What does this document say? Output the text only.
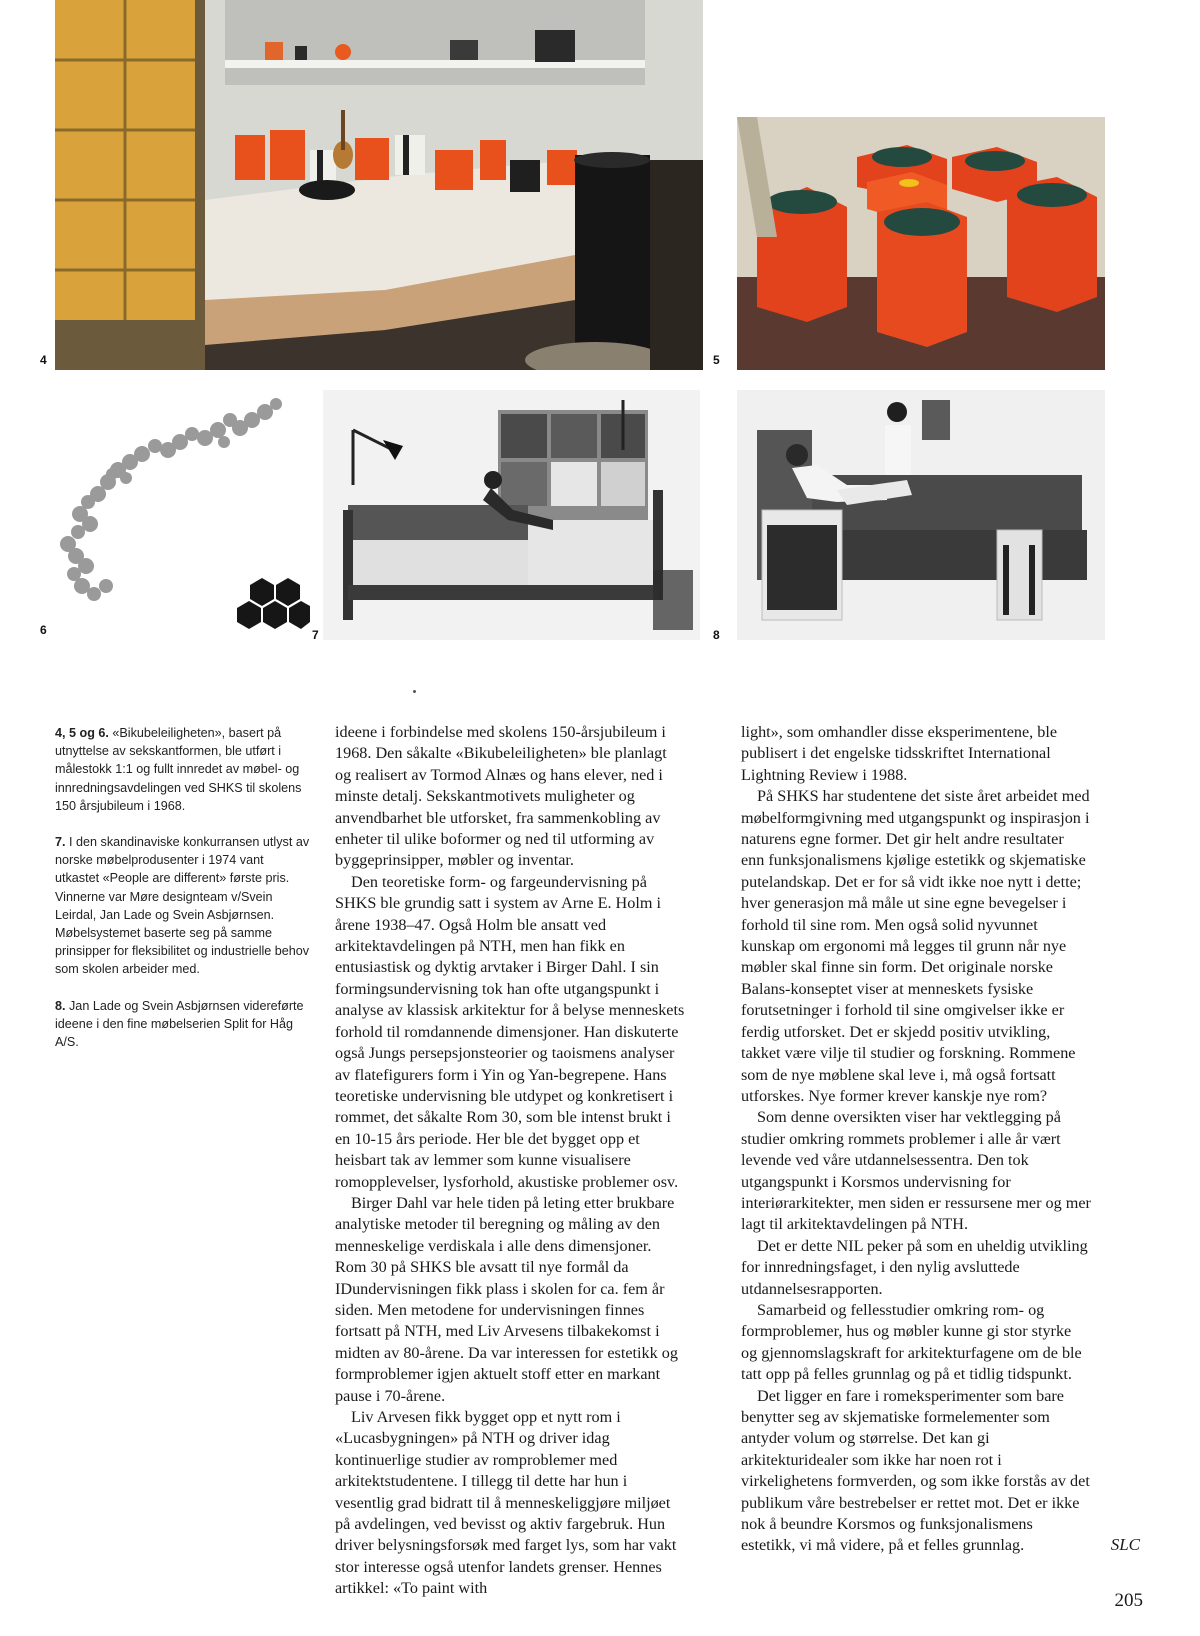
4	5
6	7	8

4, 5 og 6. «Bikubeleiligheten», basert på utnyttelse av sekskantformen, ble utført i målestokk 1:1 og fullt innredet av møbel- og innredningsavdelingen ved SHKS til skolens 150 årsjubileum i 1968.

7. I den skandinaviske konkurransen utlyst av norske møbelprodusenter i 1974 vant utkastet «People are different» første pris. Vinnerne var Møre designteam v/Svein Leirdal, Jan Lade og Svein Asbjørnsen. Møbelsystemet baserte seg på samme prinsipper for fleksibilitet og industrielle behov som skolen arbeider med.

8. Jan Lade og Svein Asbjørnsen videreførte ideene i den fine møbelserien Split for Håg A/S.

ideene i forbindelse med skolens 150-årsjubileum i 1968. Den såkalte «Bikubeleiligheten» ble planlagt og realisert av Tormod Alnæs og hans elever, ned i minste detalj. Sekskantmotivets muligheter og anvendbarhet ble utforsket, fra sammenkobling av enheter til ulike boformer og ned til utforming av byggeprinsipper, møbler og inventar.

Den teoretiske form- og fargeundervisning på SHKS ble grundig satt i system av Arne E. Holm i årene 1938–47. Også Holm ble ansatt ved arkitektavdelingen på NTH, men han fikk en entusiastisk og dyktig arvtaker i Birger Dahl. I sin formingsundervisning tok han ofte utgangspunkt i analyse av klassisk arkitektur for å belyse menneskets forhold til romdannende dimensjoner. Han diskuterte også Jungs persepsjonsteorier og taoismens analyser av flatefigurers form i Yin og Yan-begrepene. Hans teoretiske undervisning ble utdypet og konkretisert i rommet, det såkalte Rom 30, som ble intenst brukt i en 10-15 års periode. Her ble det bygget opp et heisbart tak av lemmer som kunne visualisere romopplevelser, lysforhold, akustiske problemer osv.

Birger Dahl var hele tiden på leting etter brukbare analytiske metoder til beregning og måling av den menneskelige verdiskala i alle dens dimensjoner. Rom 30 på SHKS ble avsatt til nye formål da IDundervisningen fikk plass i skolen for ca. fem år siden. Men metodene for undervisningen finnes fortsatt på NTH, med Liv Arvesens tilbakekomst i midten av 80-årene. Da var interessen for estetikk og formproblemer igjen aktuelt stoff etter en markant pause i 70-årene.

Liv Arvesen fikk bygget opp et nytt rom i «Lucasbygningen» på NTH og driver idag kontinuerlige studier av romproblemer med arkitektstudentene. I tillegg til dette har hun i vesentlig grad bidratt til å menneskeliggjøre miljøet på avdelingen, ved bevisst og aktiv fargebruk. Hun driver belysningsforsøk med farget lys, som har vakt stor interesse også utenfor landets grenser. Hennes artikkel: «To paint with

light», som omhandler disse eksperimentene, ble publisert i det engelske tidsskriftet International Lightning Review i 1988.

På SHKS har studentene det siste året arbeidet med møbelformgivning med utgangspunkt og inspirasjon i naturens egne former. Det gir helt andre resultater enn funksjonalismens kjølige estetikk og skjematiske putelandskap. Det er for så vidt ikke noe nytt i dette; hver generasjon må måle ut sine egne bevegelser i forhold til sine rom. Men også solid nyvunnet kunskap om ergonomi må legges til grunn når nye møbler skal finne sin form. Det originale norske Balans-konseptet viser at menneskets fysiske forutsetninger i forhold til sine omgivelser ikke er ferdig utforsket. Det er skjedd positiv utvikling, takket være vilje til studier og forskning. Rommene som de nye møblene skal leve i, må også fortsatt utforskes. Nye former krever kanskje nye rom?

Som denne oversikten viser har vektlegging på studier omkring rommets problemer i alle år vært levende ved våre utdannelsessentra. Den tok utgangspunkt i Korsmos undervisning for interiørarkitekter, men siden er ressursene mer og mer lagt til arkitektavdelingen på NTH.

Det er dette NIL peker på som en uheldig utvikling for innredningsfaget, i den nylig avsluttede utdannelsesrapporten.

Samarbeid og fellesstudier omkring rom- og formproblemer, hus og møbler kunne gi stor styrke og gjennomslagskraft for arkitekturfagene om de ble tatt opp på felles grunnlag og på et tidlig tidspunkt.

Det ligger en fare i romeksperimenter som bare benytter seg av skjematiske formelementer som antyder volum og størrelse. Det kan gi arkitekturidealer som ikke har noen rot i virkelighetens formverden, og som ikke forstås av det publikum våre bestrebelser er rettet mot. Det er ikke nok å beundre Korsmos og funksjonalismens estetikk, vi må videre, på et felles grunnlag.	SLC
205
